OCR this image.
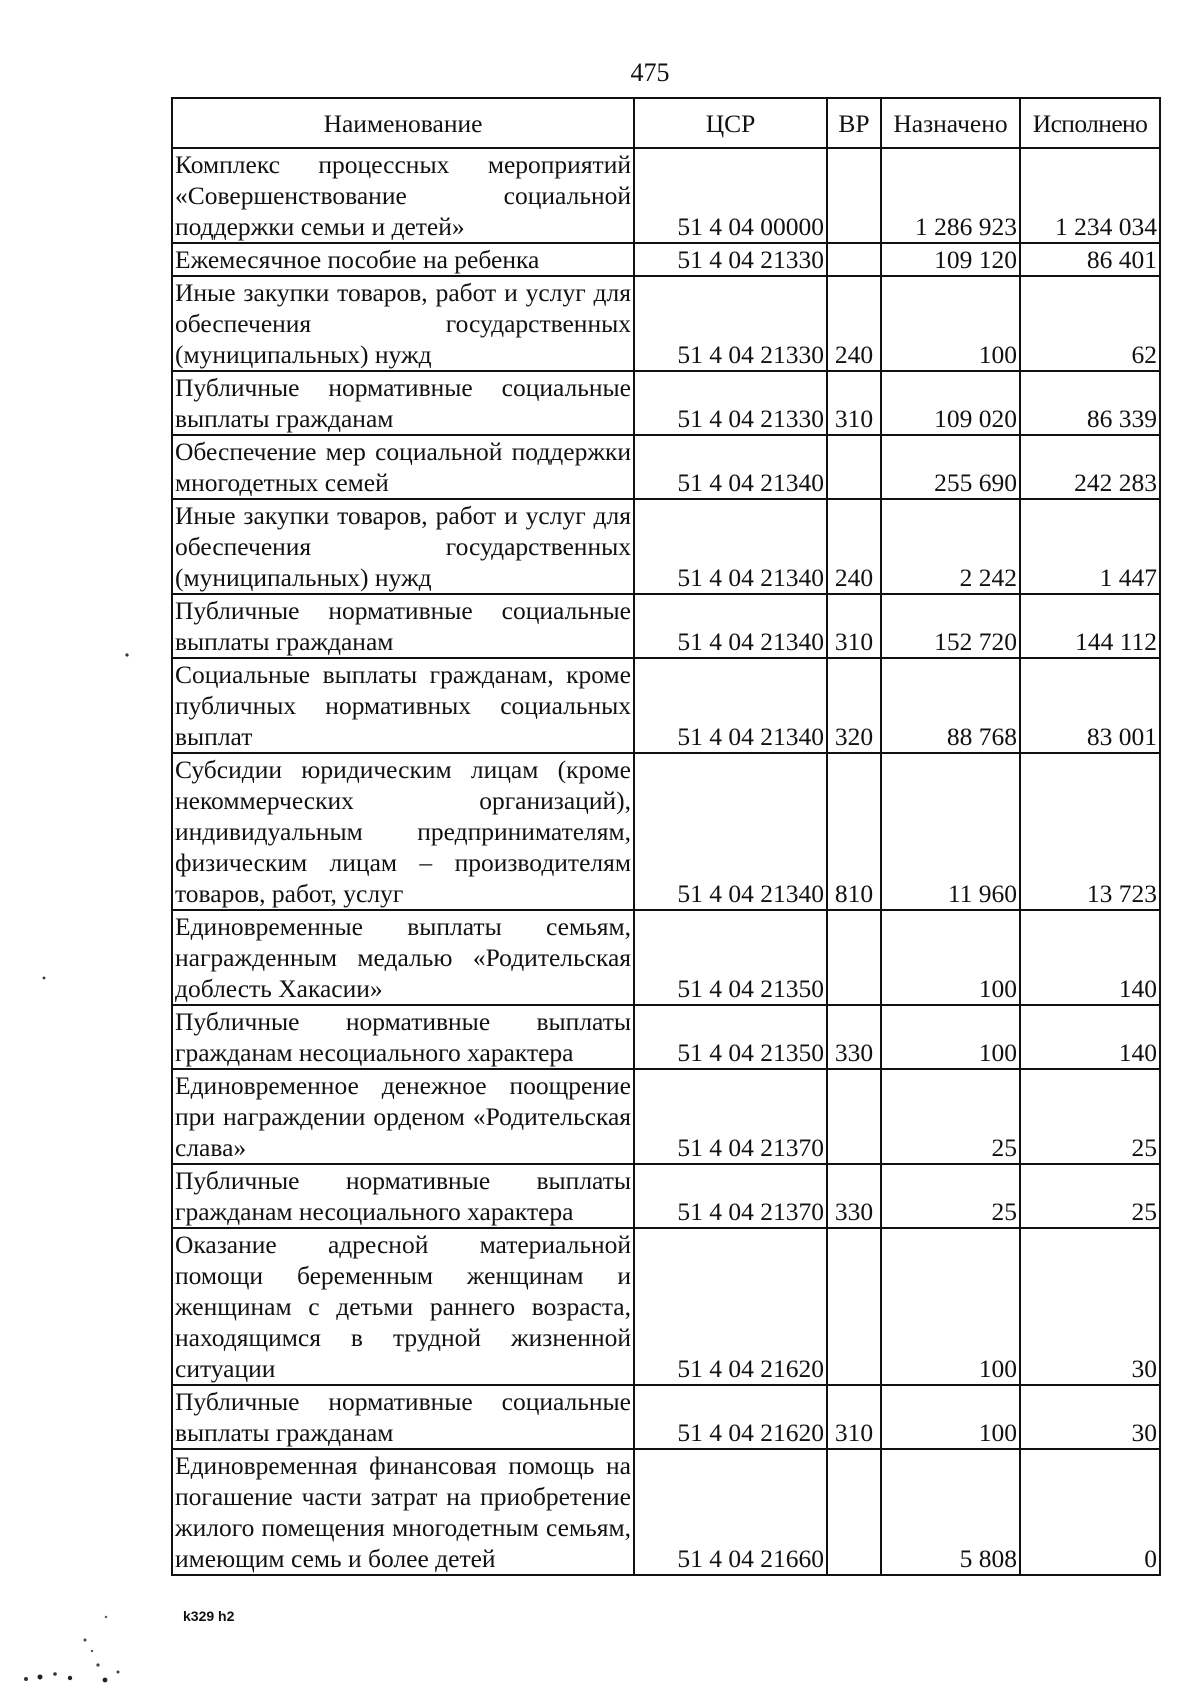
475
Наименование	ЦСР	ВР	Назначено	Исполнено
Комплекс процессных мероприятий «Совершенствование социальной поддержки семьи и детей»	51 4 04 00000		1 286 923	1 234 034
Ежемесячное пособие на ребенка	51 4 04 21330		109 120	86 401
Иные закупки товаров, работ и услуг для обеспечения государственных (муниципальных) нужд	51 4 04 21330	240	100	62
Публичные нормативные социальные выплаты гражданам	51 4 04 21330	310	109 020	86 339
Обеспечение мер социальной поддержки многодетных семей	51 4 04 21340		255 690	242 283
Иные закупки товаров, работ и услуг для обеспечения государственных (муниципальных) нужд	51 4 04 21340	240	2 242	1 447
Публичные нормативные социальные выплаты гражданам	51 4 04 21340	310	152 720	144 112
Социальные выплаты гражданам, кроме публичных нормативных социальных выплат	51 4 04 21340	320	88 768	83 001
Субсидии юридическим лицам (кроме некоммерческих организаций), индивидуальным предпринимателям, физическим лицам – производителям товаров, работ, услуг	51 4 04 21340	810	11 960	13 723
Единовременные выплаты семьям, награжденным медалью «Родительская доблесть Хакасии»	51 4 04 21350		100	140
Публичные нормативные выплаты гражданам несоциального характера	51 4 04 21350	330	100	140
Единовременное денежное поощрение при награждении орденом «Родительская слава»	51 4 04 21370		25	25
Публичные нормативные выплаты гражданам несоциального характера	51 4 04 21370	330	25	25
Оказание адресной материальной помощи беременным женщинам и женщинам с детьми раннего возраста, находящимся в трудной жизненной ситуации	51 4 04 21620		100	30
Публичные нормативные социальные выплаты гражданам	51 4 04 21620	310	100	30
Единовременная финансовая помощь на погашение части затрат на приобретение жилого помещения многодетным семьям, имеющим семь и более детей	51 4 04 21660		5 808	0
k329 h2
